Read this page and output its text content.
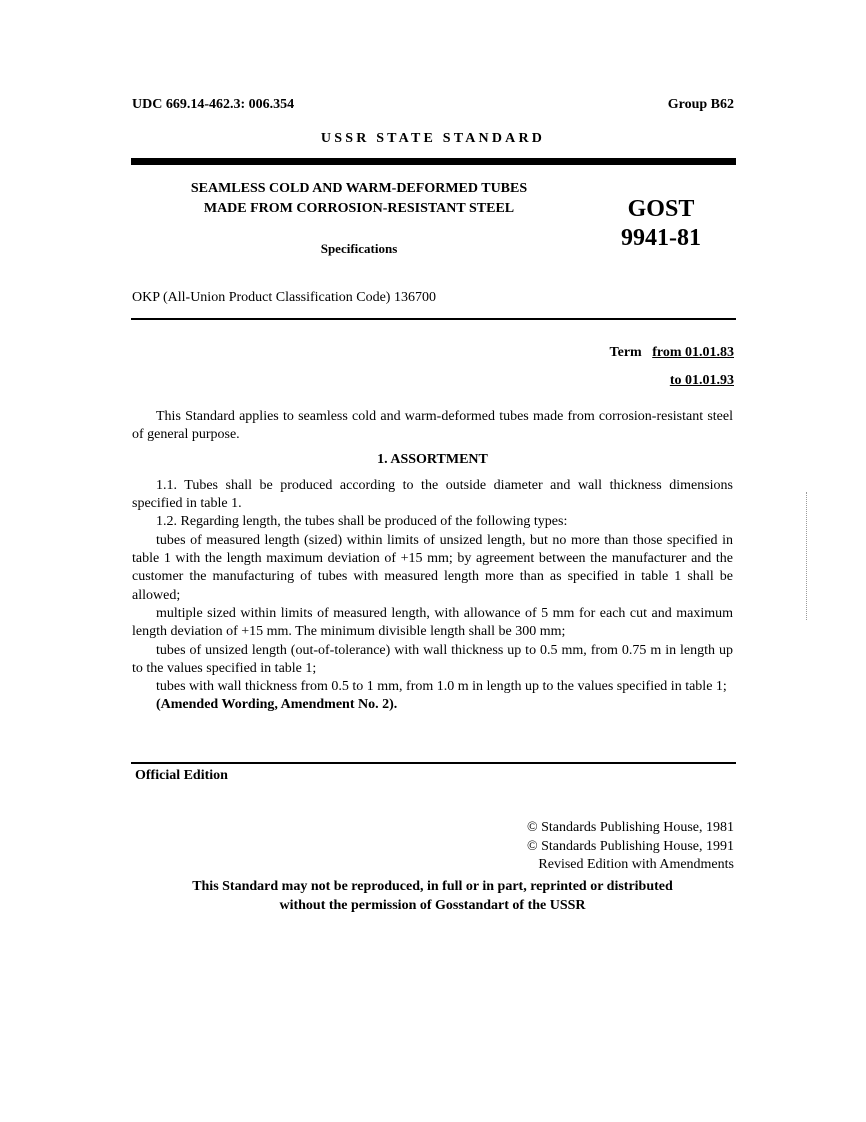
UDC 669.14-462.3: 006.354	Group B62
USSR STATE STANDARD
SEAMLESS COLD AND WARM-DEFORMED TUBES
MADE FROM CORROSION-RESISTANT STEEL
Specifications
GOST
9941-81
OKP (All-Union Product Classification Code) 136700
Term from 01.01.83
to 01.01.93

This Standard applies to seamless cold and warm-deformed tubes made from corrosion-resistant steel of general purpose.

1. ASSORTMENT

1.1. Tubes shall be produced according to the outside diameter and wall thickness dimensions specified in table 1.

1.2. Regarding length, the tubes shall be produced of the following types:

tubes of measured length (sized) within limits of unsized length, but no more than those specified in table 1 with the length maximum deviation of +15 mm; by agreement between the manufacturer and the customer the manufacturing of tubes with measured length more than as specified in table 1 shall be allowed;

multiple sized within limits of measured length, with allowance of 5 mm for each cut and maximum length deviation of +15 mm. The minimum divisible length shall be 300 mm;

tubes of unsized length (out-of-tolerance) with wall thickness up to 0.5 mm, from 0.75 m in length up to the values specified in table 1;

tubes with wall thickness from 0.5 to 1 mm, from 1.0 m in length up to the values specified in table 1;

(Amended Wording, Amendment No. 2).

Official Edition
© Standards Publishing House, 1981
© Standards Publishing House, 1991
Revised Edition with Amendments
This Standard may not be reproduced, in full or in part, reprinted or distributed
without the permission of Gosstandart of the USSR
